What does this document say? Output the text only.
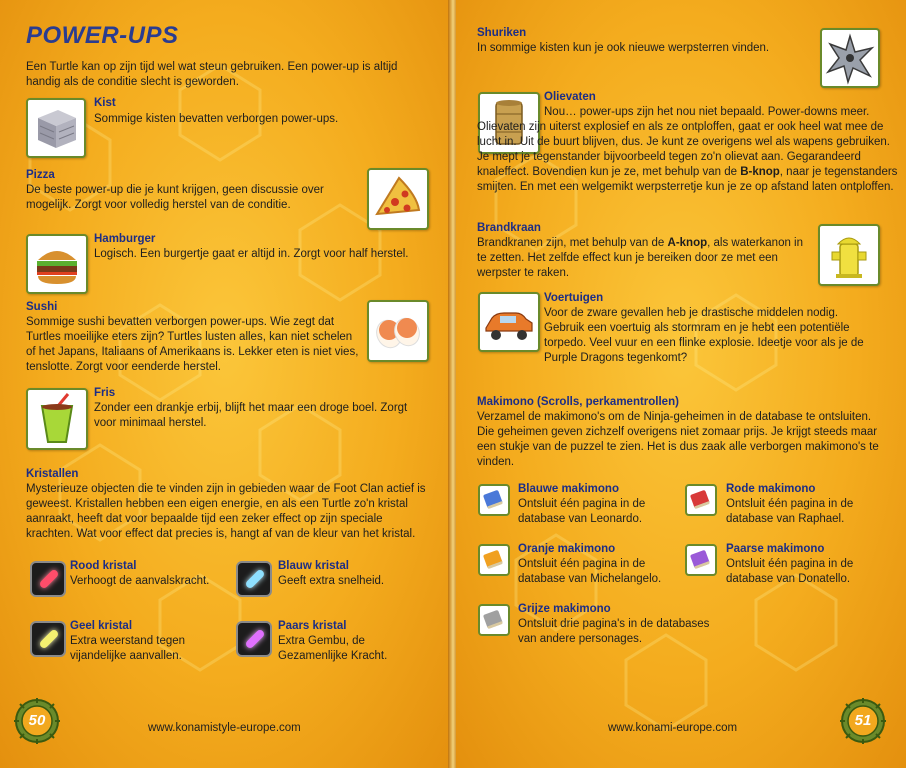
POWER-UPS
Een Turtle kan op zijn tijd wel wat steun gebruiken. Een power-up is altijd handig als de conditie slecht is geworden.
Kist
Sommige kisten bevatten verborgen power-ups.
Pizza
De beste power-up die je kunt krijgen, geen discussie over mogelijk. Zorgt voor volledig herstel van de conditie.
Hamburger
Logisch. Een burgertje gaat er altijd in. Zorgt voor half herstel.
Sushi
Sommige sushi bevatten verborgen power-ups. Wie zegt dat Turtles moeilijke eters zijn? Turtles lusten alles, kan niet schelen of het Japans, Italiaans of Amerikaans is. Lekker eten is niet vies, tenslotte. Zorgt voor eenderde herstel.
Fris
Zonder een drankje erbij, blijft het maar een droge boel. Zorgt voor minimaal herstel.
Kristallen
Mysterieuze objecten die te vinden zijn in gebieden waar de Foot Clan actief is geweest. Kristallen hebben een eigen energie, en als een Turtle zo'n kristal aanraakt, heeft dat voor bepaalde tijd een zeker effect op zijn speciale krachten. Wat voor effect dat precies is, hangt af van de kleur van het kristal.
Rood kristal
Verhoogt de aanvalskracht.
Blauw kristal
Geeft extra snelheid.
Geel kristal
Extra weerstand tegen vijandelijke aanvallen.
Paars kristal
Extra Gembu, de Gezamenlijke Kracht.
50	www.konamistyle-europe.com
Shuriken
In sommige kisten kun je ook nieuwe werpsterren vinden.
Olievaten
Nou… power-ups zijn het nou niet bepaald. Power-downs meer. Olievaten zijn uiterst explosief en als ze ontploffen, gaat er ook heel wat mee de lucht in. Uit de buurt blijven, dus. Je kunt ze overigens wel als wapens gebruiken. Je mept je tegenstander bijvoorbeeld tegen zo'n olievat aan. Gegarandeerd knaleffect. Bovendien kun je ze, met behulp van de B-knop, naar je tegenstanders smijten. En met een welgemikt werpsterretje kun je ze op afstand laten ontploffen.
Brandkraan
Brandkranen zijn, met behulp van de A-knop, als waterkanon in te zetten. Het zelfde effect kun je bereiken door ze met een werpster te raken.
Voertuigen
Voor de zware gevallen heb je drastische middelen nodig. Gebruik een voertuig als stormram en je hebt een potentiële torpedo. Veel vuur en een flinke explosie. Ideetje voor als je de Purple Dragons tegenkomt?
Makimono (Scrolls, perkamentrollen)
Verzamel de makimono's om de Ninja-geheimen in de database te ontsluiten. Die geheimen geven zichzelf overigens niet zomaar prijs. Je krijgt steeds maar een stukje van de puzzel te zien. Het is dus zaak alle verborgen makimono's te vinden.
Blauwe makimono
Ontsluit één pagina in de database van Leonardo.
Rode makimono
Ontsluit één pagina in de database van Raphael.
Oranje makimono
Ontsluit één pagina in de database van Michelangelo.
Paarse makimono
Ontsluit één pagina in de database van Donatello.
Grijze makimono
Ontsluit drie pagina's in de databases van andere personages.
www.konami-europe.com	51
